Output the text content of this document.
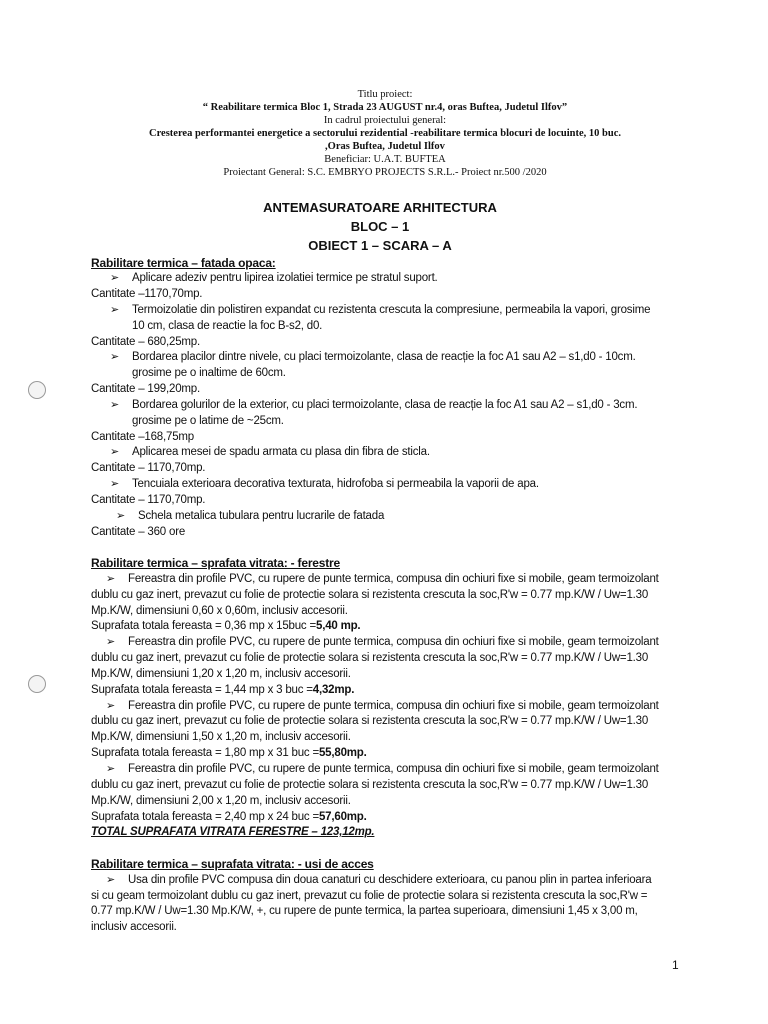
Titlu proiect:
“ Reabilitare termica Bloc 1, Strada 23 AUGUST nr.4, oras Buftea, Judetul Ilfov”
In cadrul proiectului general:
Cresterea performantei energetice a sectorului rezidential -reabilitare termica blocuri de locuinte, 10 buc.
,Oras Buftea, Judetul Ilfov
Beneficiar: U.A.T. BUFTEA
Proiectant General: S.C. EMBRYO PROJECTS S.R.L.- Proiect nr.500 /2020
ANTEMASURATOARE ARHITECTURA
BLOC – 1
OBIECT 1 – SCARA – A
Rabilitare termica – fatada opaca:
➢ Aplicare adeziv pentru lipirea izolatiei termice pe stratul suport.
Cantitate –1170,70mp.
➢ Termoizolatie din polistiren expandat cu rezistenta crescuta la compresiune, permeabila la vapori, grosime
10 cm, clasa de reactie la foc B-s2, d0.
Cantitate – 680,25mp.
➢ Bordarea placilor dintre nivele, cu placi termoizolante, clasa de reacție la foc A1 sau A2 – s1,d0 - 10cm.
grosime pe o inaltime de 60cm.
Cantitate – 199,20mp.
➢ Bordarea golurilor de la exterior, cu placi termoizolante, clasa de reacție la foc A1 sau A2 – s1,d0 - 3cm.
grosime pe o latime de ~25cm.
Cantitate –168,75mp
➢ Aplicarea mesei de spadu armata cu plasa din fibra de sticla.
Cantitate – 1170,70mp.
➢ Tencuiala exterioara decorativa texturata, hidrofoba si permeabila la vaporii de apa.
Cantitate – 1170,70mp.
➢ Schela metalica tubulara pentru lucrarile de fatada
Cantitate – 360 ore
Rabilitare termica – sprafata vitrata: - ferestre
➢ Fereastra din profile PVC, cu rupere de punte termica, compusa din ochiuri fixe si mobile, geam termoizolant
dublu cu gaz inert, prevazut cu folie de protectie solara si rezistenta crescuta la soc,R'w = 0.77 mp.K/W / Uw=1.30
Mp.K/W, dimensiuni 0,60 x 0,60m, inclusiv accesorii.
Suprafata totala fereasta = 0,36 mp x 15buc =5,40 mp.
➢ Fereastra din profile PVC, cu rupere de punte termica, compusa din ochiuri fixe si mobile, geam termoizolant
dublu cu gaz inert, prevazut cu folie de protectie solara si rezistenta crescuta la soc,R'w = 0.77 mp.K/W / Uw=1.30
Mp.K/W, dimensiuni 1,20 x 1,20 m, inclusiv accesorii.
Suprafata totala fereasta = 1,44 mp x 3 buc =4,32mp.
➢ Fereastra din profile PVC, cu rupere de punte termica, compusa din ochiuri fixe si mobile, geam termoizolant
dublu cu gaz inert, prevazut cu folie de protectie solara si rezistenta crescuta la soc,R'w = 0.77 mp.K/W / Uw=1.30
Mp.K/W, dimensiuni 1,50 x 1,20 m, inclusiv accesorii.
Suprafata totala fereasta = 1,80 mp x 31 buc =55,80mp.
➢ Fereastra din profile PVC, cu rupere de punte termica, compusa din ochiuri fixe si mobile, geam termoizolant
dublu cu gaz inert, prevazut cu folie de protectie solara si rezistenta crescuta la soc,R'w = 0.77 mp.K/W / Uw=1.30
Mp.K/W, dimensiuni 2,00 x 1,20 m, inclusiv accesorii.
Suprafata totala fereasta = 2,40 mp x 24 buc =57,60mp.
TOTAL SUPRAFATA VITRATA FERESTRE – 123,12mp.
Rabilitare termica – suprafata vitrata: - usi de acces
➢ Usa din profile PVC compusa din doua canaturi cu deschidere exterioara, cu panou plin in partea inferioara
si cu geam termoizolant dublu cu gaz inert, prevazut cu folie de protectie solara si rezistenta crescuta la soc,R'w =
0.77 mp.K/W / Uw=1.30 Mp.K/W, +, cu rupere de punte termica, la partea superioara, dimensiuni 1,45 x 3,00 m,
inclusiv accesorii.
1
